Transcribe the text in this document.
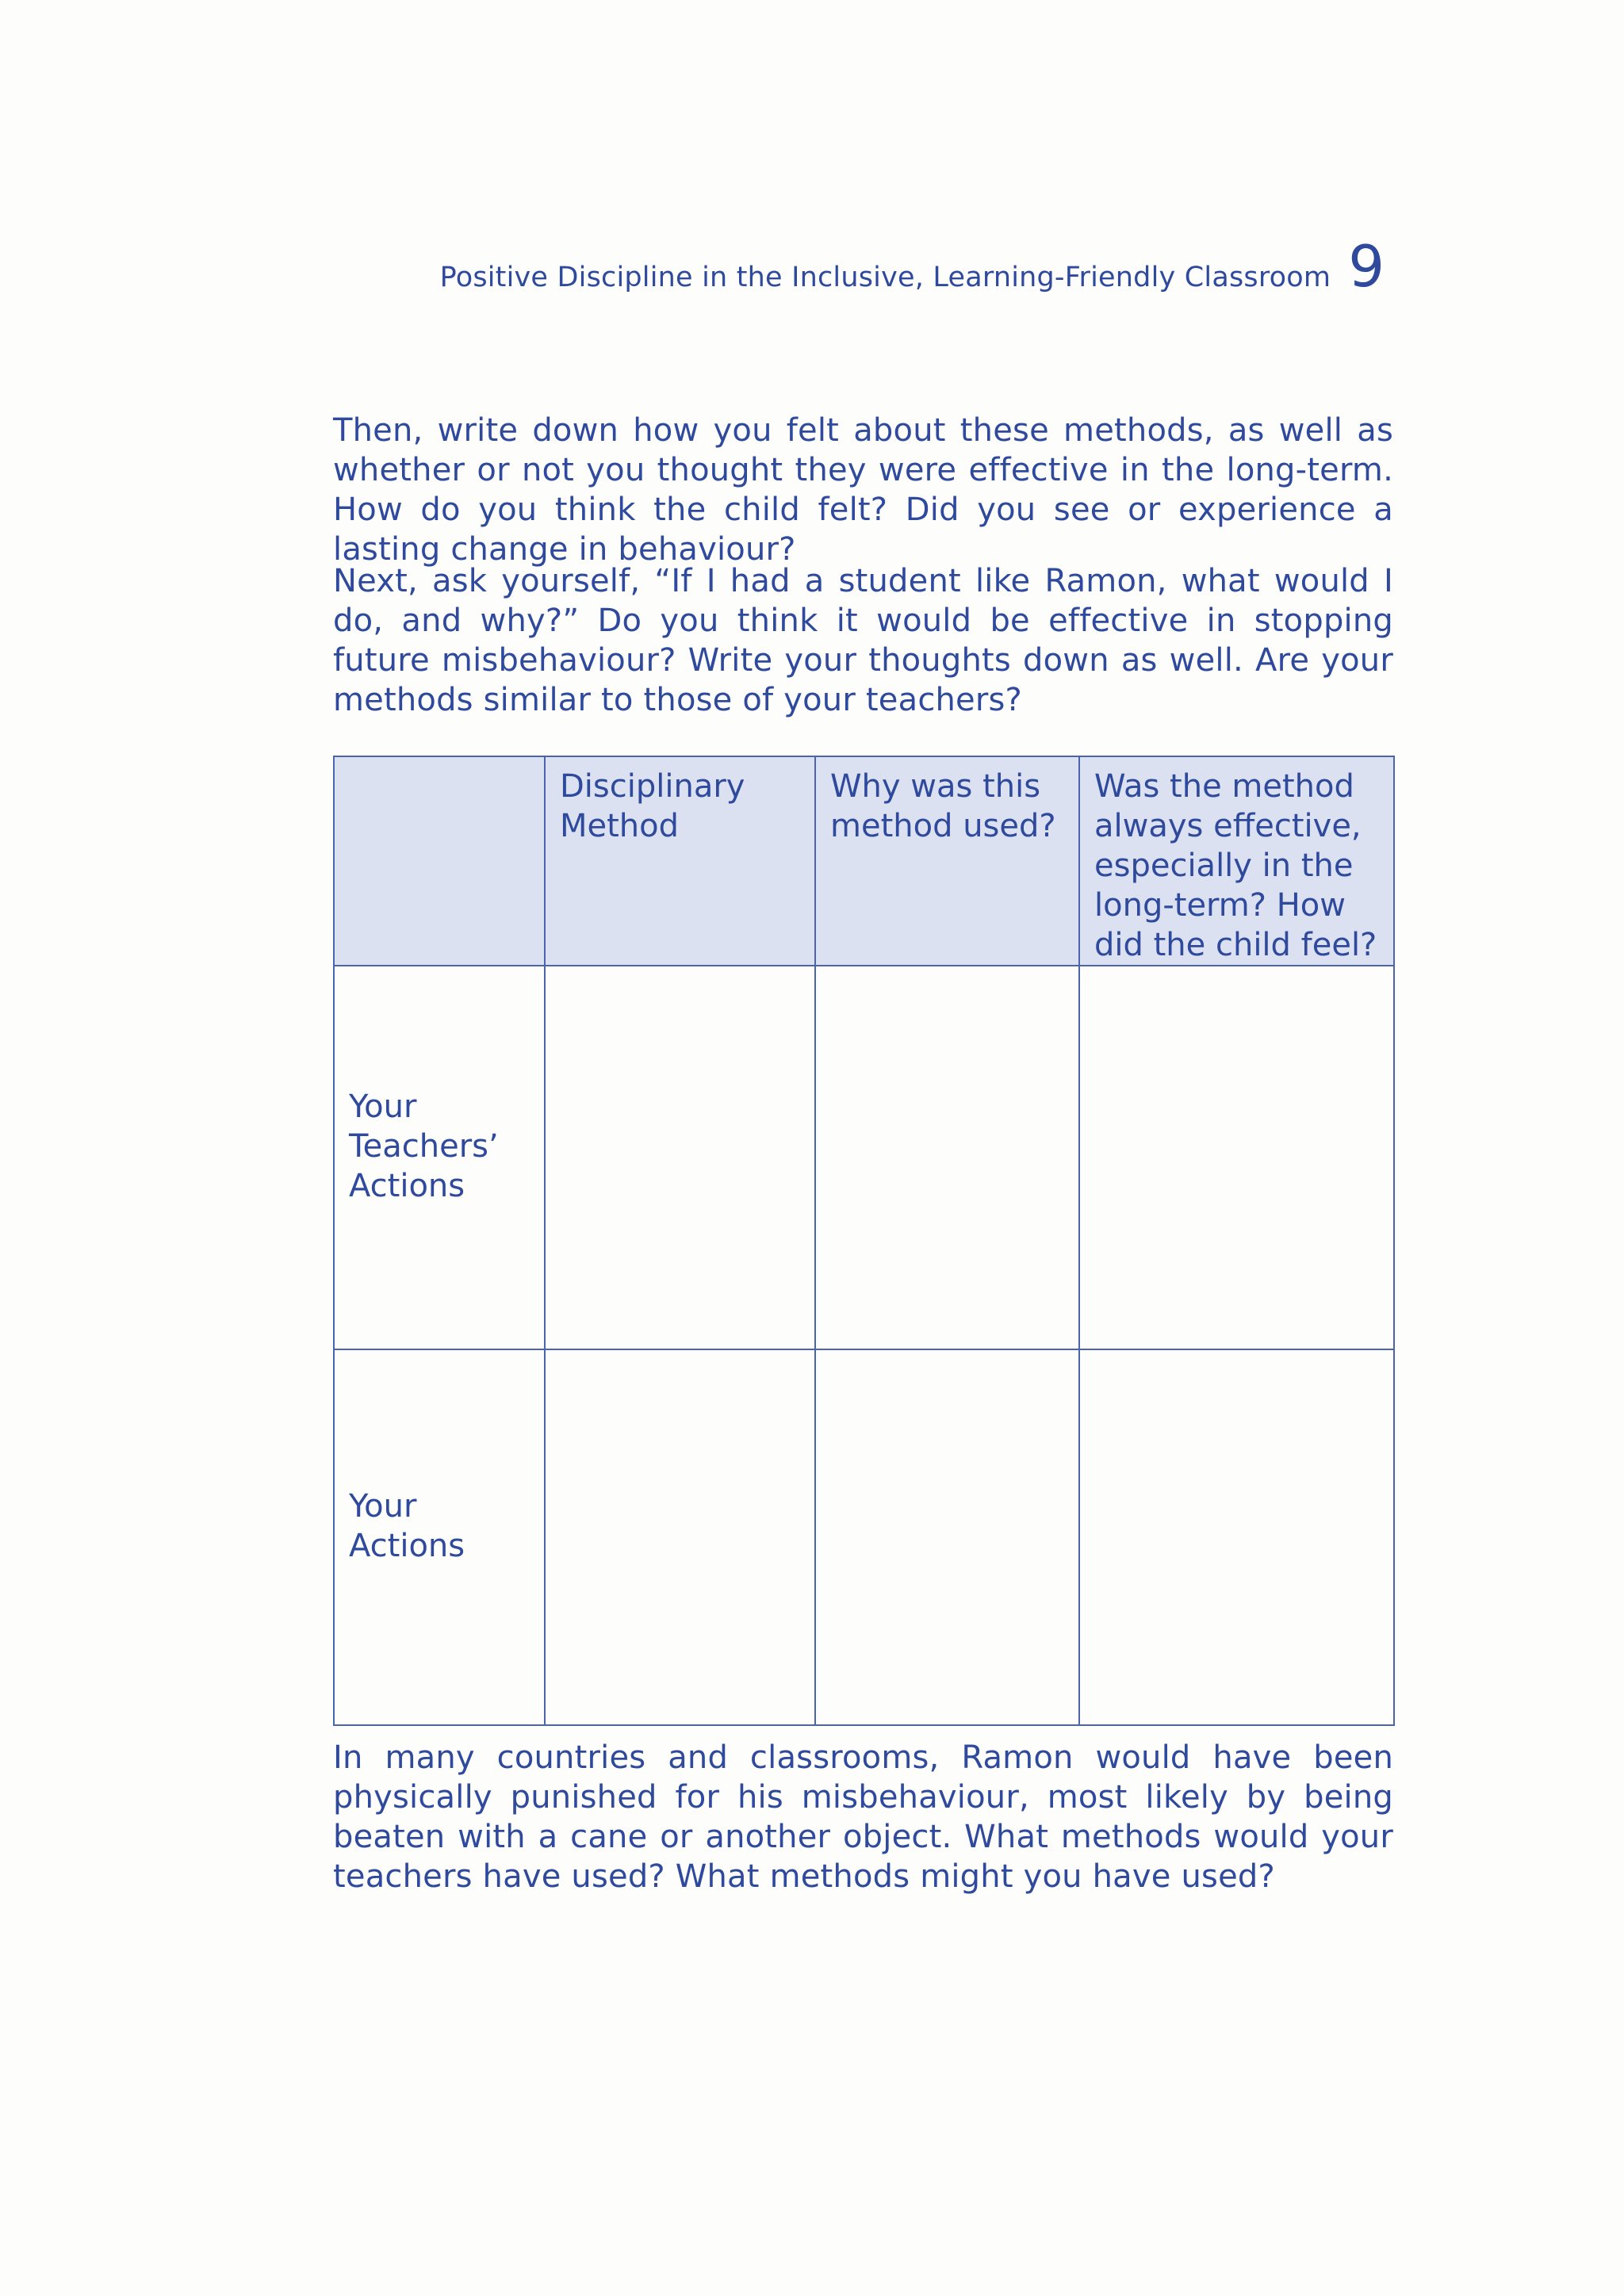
Positive Discipline in the Inclusive, Learning-Friendly Classroom 9

Then, write down how you felt about these methods, as well as whether or not you thought they were effective in the long-term. How do you think the child felt? Did you see or experience a lasting change in behaviour?

Next, ask yourself, “If I had a student like Ramon, what would I do, and why?” Do you think it would be effective in stopping future misbehaviour? Write your thoughts down as well. Are your methods similar to those of your teachers?

	Disciplinary Method	Why was this method used?	Was the method always effective, especially in the long-term? How did the child feel?
Your Teachers’ Actions			
Your Actions			

In many countries and classrooms, Ramon would have been physically punished for his misbehaviour, most likely by being beaten with a cane or another object. What methods would your teachers have used? What methods might you have used?
